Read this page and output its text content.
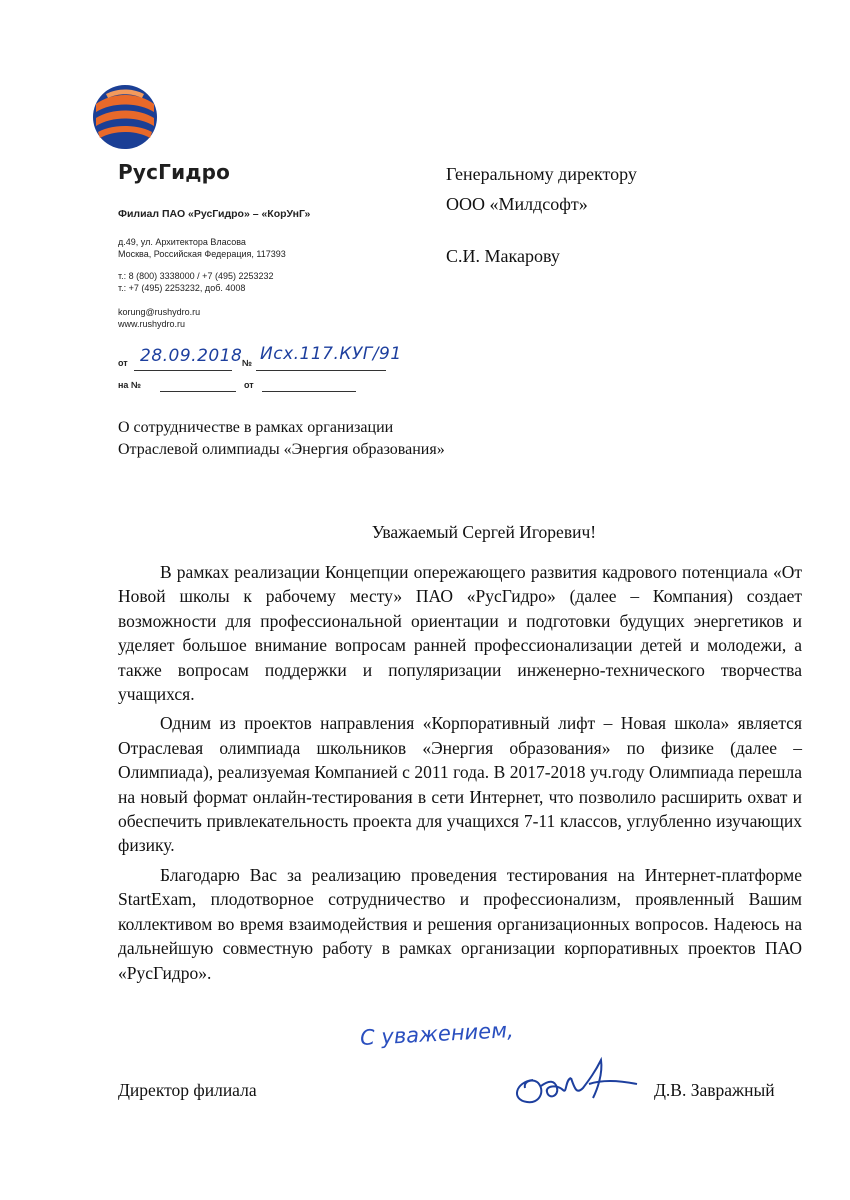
РусГидро
Филиал ПАО «РусГидро» – «КорУнГ»
д.49, ул. Архитектора Власова
Москва, Российская Федерация, 117393
т.: 8 (800) 3338000 / +7 (495) 2253232
т.: +7 (495) 2253232, доб. 4008
korung@rushydro.ru
www.rushydro.ru
от 28.09.2018 № Исх.117.КУГ/91
на №	от
Генеральному директору
ООО «Милдсофт»
С.И. Макарову
О сотрудничестве в рамках организации
Отраслевой олимпиады «Энергия образования»
Уважаемый Сергей Игоревич!

В рамках реализации Концепции опережающего развития кадрового потенциала «От Новой школы к рабочему месту» ПАО «РусГидро» (далее – Компания) создает возможности для профессиональной ориентации и подготовки будущих энергетиков и уделяет большое внимание вопросам ранней профессионализации детей и молодежи, а также вопросам поддержки и популяризации инженерно-технического творчества учащихся.

Одним из проектов направления «Корпоративный лифт – Новая школа» является Отраслевая олимпиада школьников «Энергия образования» по физике (далее – Олимпиада), реализуемая Компанией с 2011 года. В 2017-2018 уч.году Олимпиада перешла на новый формат онлайн-тестирования в сети Интернет, что позволило расширить охват и обеспечить привлекательность проекта для учащихся 7-11 классов, углубленно изучающих физику.

Благодарю Вас за реализацию проведения тестирования на Интернет-платформе StartExam, плодотворное сотрудничество и профессионализм, проявленный Вашим коллективом во время взаимодействия и решения организационных вопросов. Надеюсь на дальнейшую совместную работу в рамках организации корпоративных проектов ПАО «РусГидро».

С уважением,
Директор филиала	Д.В. Завражный
